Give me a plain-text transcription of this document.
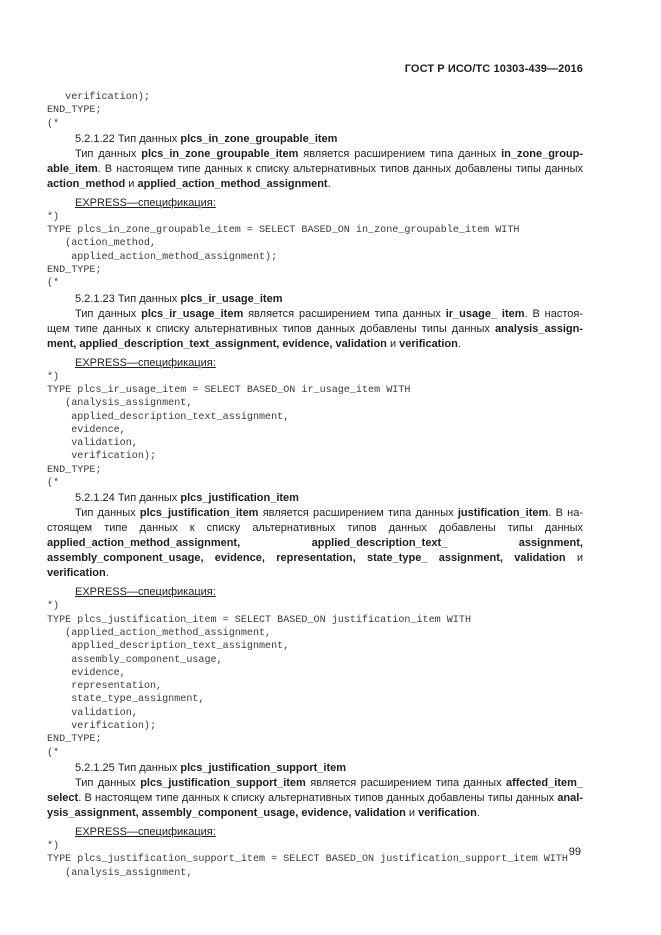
ГОСТ Р ИСО/ТС 10303-439—2016
verification);
END_TYPE;
(*
5.2.1.22 Тип данных plcs_in_zone_groupable_item
Тип данных plcs_in_zone_groupable_item является расширением типа данных in_zone_group-able_item. В настоящем типе данных к списку альтернативных типов данных добавлены типы данных action_method и applied_action_method_assignment.
EXPRESS—спецификация:
*)
TYPE plcs_in_zone_groupable_item = SELECT BASED_ON in_zone_groupable_item WITH
(action_method,
applied_action_method_assignment);
END_TYPE;
(*
5.2.1.23 Тип данных plcs_ir_usage_item
Тип данных plcs_ir_usage_item является расширением типа данных ir_usage_ item. В настоя-щем типе данных к списку альтернативных типов данных добавлены типы данных analysis_assign-ment, applied_description_text_assignment, evidence, validation и verification.
EXPRESS—спецификация:
*)
TYPE plcs_ir_usage_item = SELECT BASED_ON ir_usage_item WITH
(analysis_assignment,
applied_description_text_assignment,
evidence,
validation,
verification);
END_TYPE;
(*
5.2.1.24 Тип данных plcs_justification_item
Тип данных plcs_justification_item является расширением типа данных justification_item. В на-стоящем типе данных к списку альтернативных типов данных добавлены типы данных applied_action_method_assignment, applied_description_text_ assignment, assembly_component_usage, evidence, representation, state_type_ assignment, validation и verification.
EXPRESS—спецификация:
*)
TYPE plcs_justification_item = SELECT BASED_ON justification_item WITH
(applied_action_method_assignment,
applied_description_text_assignment,
assembly_component_usage,
evidence,
representation,
state_type_assignment,
validation,
verification);
END_TYPE;
(*
5.2.1.25 Тип данных plcs_justification_support_item
Тип данных plcs_justification_support_item является расширением типа данных affected_item_ select. В настоящем типе данных к списку альтернативных типов данных добавлены типы данных anal-ysis_assignment, assembly_component_usage, evidence, validation и verification.
EXPRESS—спецификация:
*)
TYPE plcs_justification_support_item = SELECT BASED_ON justification_support_item WITH
(analysis_assignment,
99
